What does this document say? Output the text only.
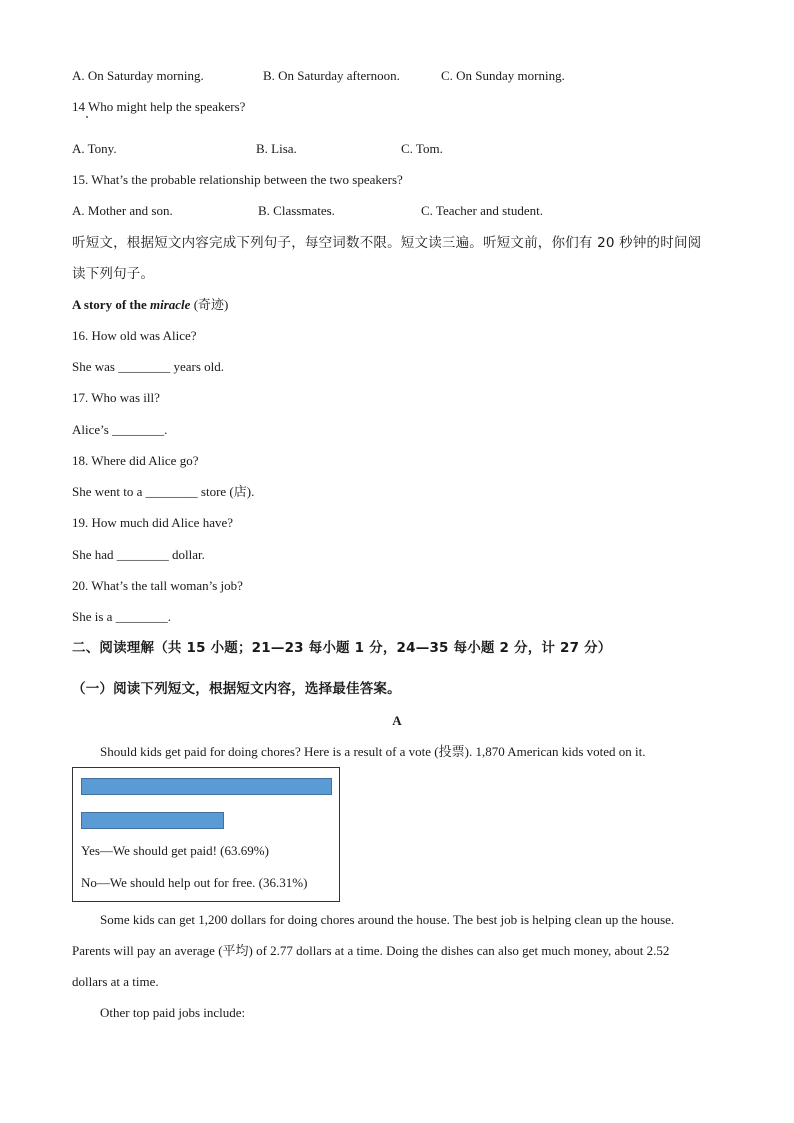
A. On Saturday morning.	B. On Saturday afternoon.	C. On Sunday morning.
14 Who might help the speakers?
A. Tony.	B. Lisa.	C. Tom.
15. What’s the probable relationship between the two speakers?
A. Mother and son.	B. Classmates.	C. Teacher and student.
听短文，根据短文内容完成下列句子，每空词数不限。短文读三遍。听短文前，你们有 20 秒钟的时间阅
读下列句子。
A story of the miracle (奇迹)
16. How old was Alice?
She was ________ years old.
17. Who was ill?
Alice’s ________.
18. Where did Alice go?
She went to a ________ store (店).
19. How much did Alice have?
She had ________ dollar.
20. What’s the tall woman’s job?
She is a ________.
二、阅读理解（共 15 小题；21—23 每小题 1 分，24—35 每小题 2 分，计 27 分）
（一）阅读下列短文，根据短文内容，选择最佳答案。
A
Should kids get paid for doing chores? Here is a result of a vote (投票). 1,870 American kids voted on it.
Yes—We should get paid! (63.69%)
No—We should help out for free. (36.31%)
Some kids can get 1,200 dollars for doing chores around the house. The best job is helping clean up the house.
Parents will pay an average (平均) of 2.77 dollars at a time. Doing the dishes can also get much money, about 2.52
dollars at a time.
Other top paid jobs include:
